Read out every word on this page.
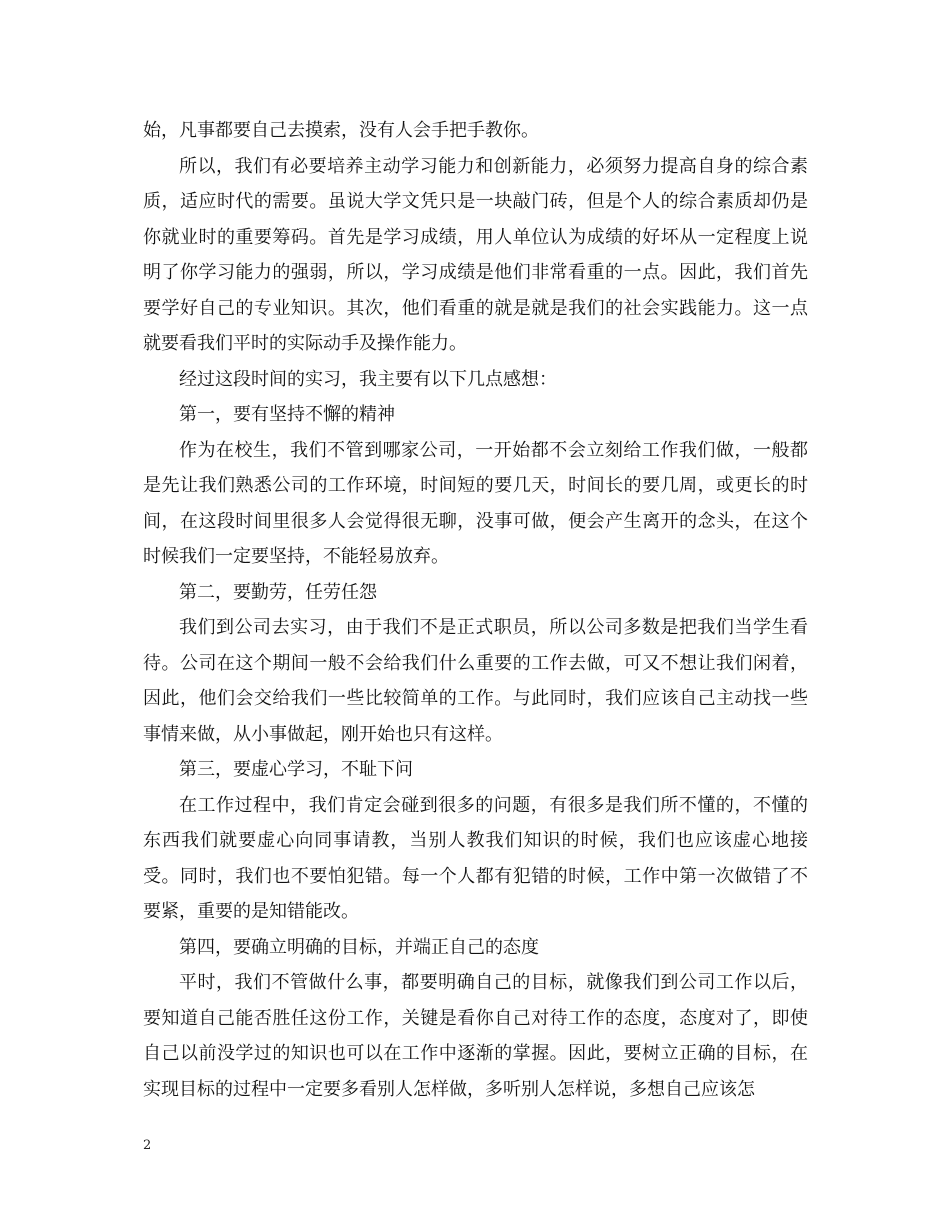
始，凡事都要自己去摸索，没有人会手把手教你。

所以，我们有必要培养主动学习能力和创新能力，必须努力提高自身的综合素质，适应时代的需要。虽说大学文凭只是一块敲门砖，但是个人的综合素质却仍是你就业时的重要筹码。首先是学习成绩，用人单位认为成绩的好坏从一定程度上说明了你学习能力的强弱，所以，学习成绩是他们非常看重的一点。因此，我们首先要学好自己的专业知识。其次，他们看重的就是就是我们的社会实践能力。这一点就要看我们平时的实际动手及操作能力。

经过这段时间的实习，我主要有以下几点感想：

第一，要有坚持不懈的精神

作为在校生，我们不管到哪家公司，一开始都不会立刻给工作我们做，一般都是先让我们熟悉公司的工作环境，时间短的要几天，时间长的要几周，或更长的时间，在这段时间里很多人会觉得很无聊，没事可做，便会产生离开的念头，在这个时候我们一定要坚持，不能轻易放弃。

第二，要勤劳，任劳任怨

我们到公司去实习，由于我们不是正式职员，所以公司多数是把我们当学生看待。公司在这个期间一般不会给我们什么重要的工作去做，可又不想让我们闲着，因此，他们会交给我们一些比较简单的工作。与此同时，我们应该自己主动找一些事情来做，从小事做起，刚开始也只有这样。

第三，要虚心学习，不耻下问

在工作过程中，我们肯定会碰到很多的问题，有很多是我们所不懂的，不懂的东西我们就要虚心向同事请教，当别人教我们知识的时候，我们也应该虚心地接受。同时，我们也不要怕犯错。每一个人都有犯错的时候，工作中第一次做错了不要紧，重要的是知错能改。

第四，要确立明确的目标，并端正自己的态度

平时，我们不管做什么事，都要明确自己的目标，就像我们到公司工作以后，要知道自己能否胜任这份工作，关键是看你自己对待工作的态度，态度对了，即使自己以前没学过的知识也可以在工作中逐渐的掌握。因此，要树立正确的目标，在实现目标的过程中一定要多看别人怎样做，多听别人怎样说，多想自己应该怎

2
